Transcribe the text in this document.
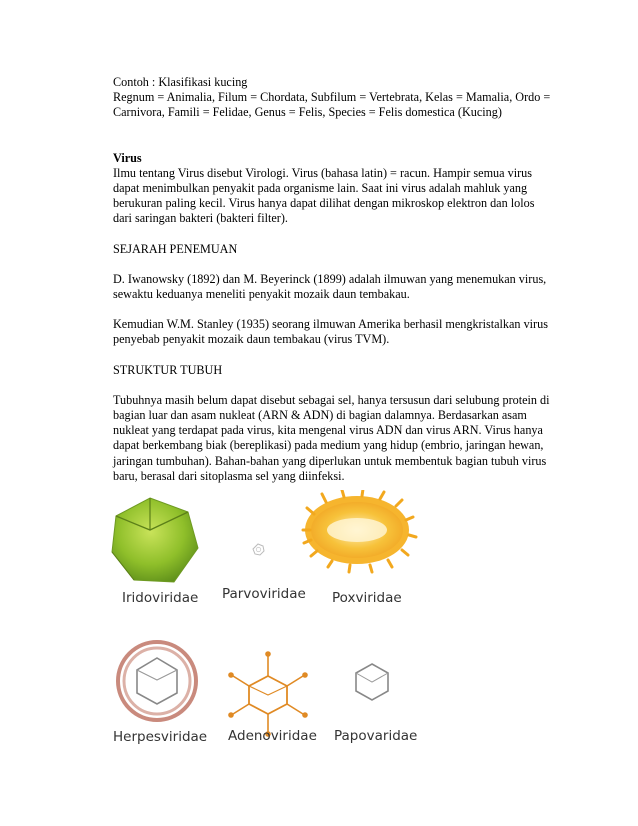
Contoh : Klasifikasi kucing

Regnum = Animalia, Filum = Chordata, Subfilum = Vertebrata, Kelas = Mamalia, Ordo = Carnivora, Famili = Felidae, Genus = Felis, Species = Felis domestica (Kucing)

Virus

Ilmu tentang Virus disebut Virologi. Virus (bahasa latin) = racun. Hampir semua virus dapat menimbulkan penyakit pada organisme lain. Saat ini virus adalah mahluk yang berukuran paling kecil. Virus hanya dapat dilihat dengan mikroskop elektron dan lolos dari saringan bakteri (bakteri filter).

SEJARAH PENEMUAN

D. Iwanowsky (1892) dan M. Beyerinck (1899) adalah ilmuwan yang menemukan virus, sewaktu keduanya meneliti penyakit mozaik daun tembakau.

Kemudian W.M. Stanley (1935) seorang ilmuwan Amerika berhasil mengkristalkan virus penyebab penyakit mozaik daun tembakau (virus TVM).

STRUKTUR TUBUH

Tubuhnya masih belum dapat disebut sebagai sel, hanya tersusun dari selubung protein di bagian luar dan asam nukleat (ARN & ADN) di bagian dalamnya. Berdasarkan asam nukleat yang terdapat pada virus, kita mengenal virus ADN dan virus ARN. Virus hanya dapat berkembang biak (bereplikasi) pada medium yang hidup (embrio, jaringan hewan, jaringan tumbuhan). Bahan-bahan yang diperlukan untuk membentuk bagian tubuh virus baru, berasal dari sitoplasma sel yang diinfeksi.

Iridoviridae Parvoviridae Poxviridae
Herpesviridae Adenoviridae Papovaridae
